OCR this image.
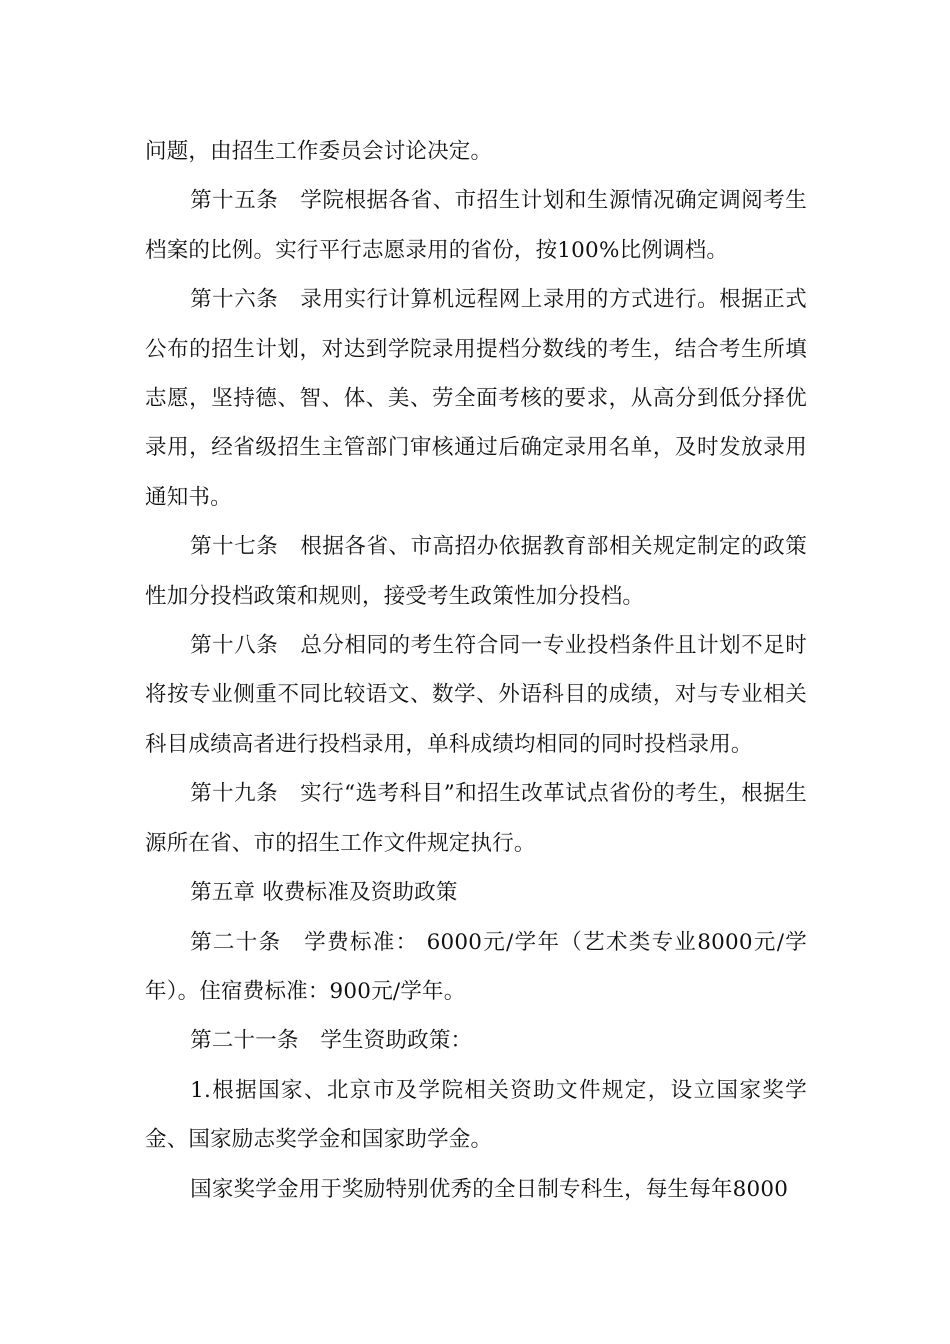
问题，由招生工作委员会讨论决定。

第十五条　学院根据各省、市招生计划和生源情况确定调阅考生档案的比例。实行平行志愿录用的省份，按100%比例调档。

第十六条　录用实行计算机远程网上录用的方式进行。根据正式公布的招生计划，对达到学院录用提档分数线的考生，结合考生所填志愿，坚持德、智、体、美、劳全面考核的要求，从高分到低分择优录用，经省级招生主管部门审核通过后确定录用名单，及时发放录用通知书。

第十七条　根据各省、市高招办依据教育部相关规定制定的政策性加分投档政策和规则，接受考生政策性加分投档。

第十八条　总分相同的考生符合同一专业投档条件且计划不足时将按专业侧重不同比较语文、数学、外语科目的成绩，对与专业相关科目成绩高者进行投档录用，单科成绩均相同的同时投档录用。

第十九条　实行“选考科目”和招生改革试点省份的考生，根据生源所在省、市的招生工作文件规定执行。

第五章 收费标准及资助政策

第二十条　学费标准： 6000元/学年（艺术类专业8000元/学年）。住宿费标准：900元/学年。

第二十一条　学生资助政策：

1.根据国家、北京市及学院相关资助文件规定，设立国家奖学金、国家励志奖学金和国家助学金。

国家奖学金用于奖励特别优秀的全日制专科生，每生每年8000
